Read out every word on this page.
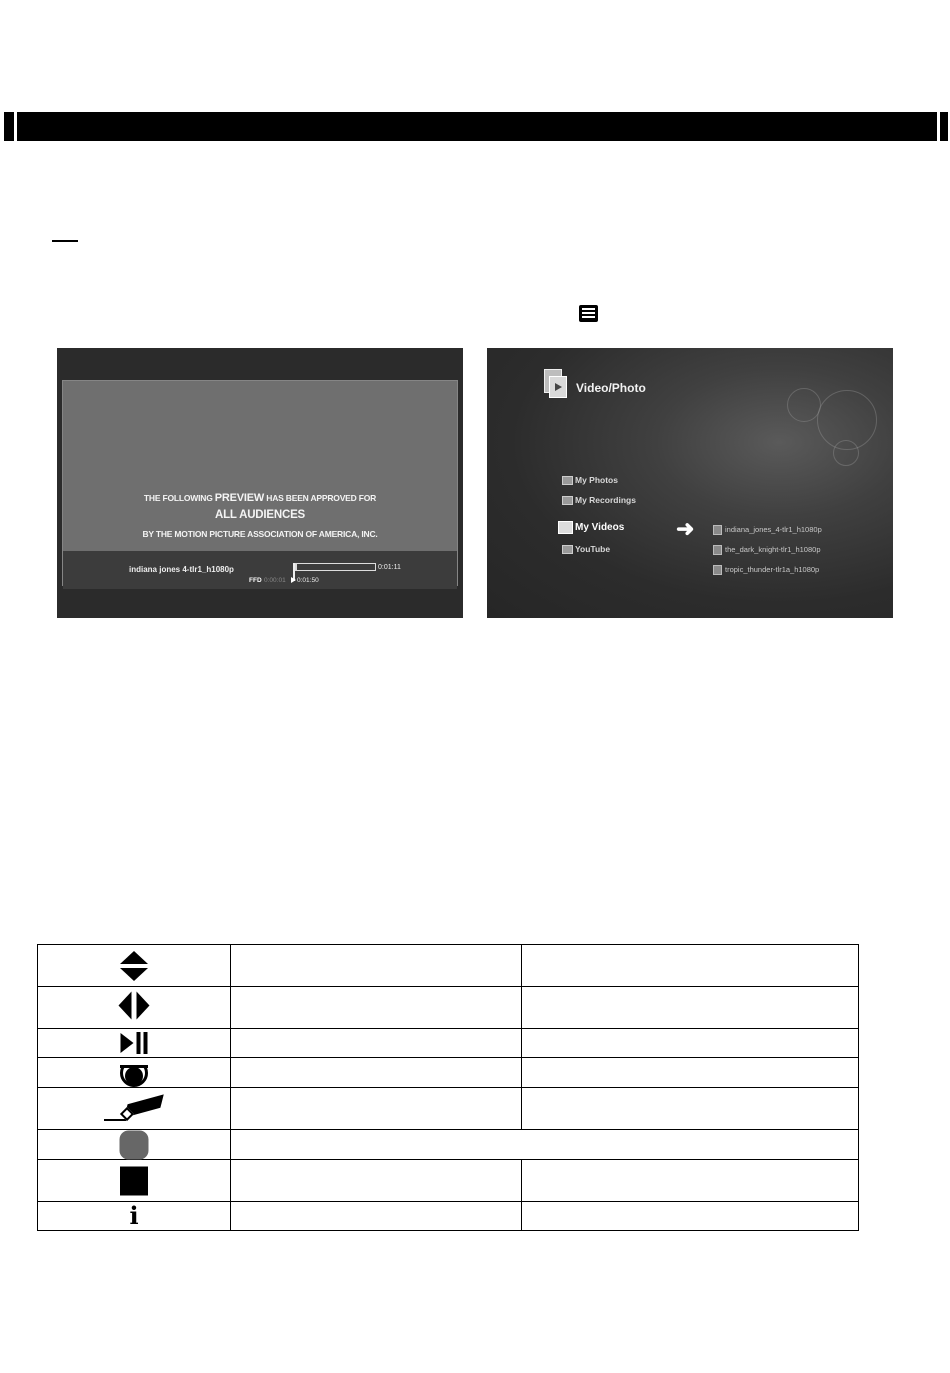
THE FOLLOWING PREVIEW HAS BEEN APPROVED FOR
ALL AUDIENCES
BY THE MOTION PICTURE ASSOCIATION OF AMERICA, INC.
indiana jones 4-tlr1_h1080p	0:01:11
FFD 0:00:01 0:01:50
Video/Photo
My Photos
My Recordings
My Videos
YouTube
➜	indiana_jones_4-tlr1_h1080p
the_dark_knight-tlr1_h1080p
tropic_thunder-tlr1a_h1080p

i		
